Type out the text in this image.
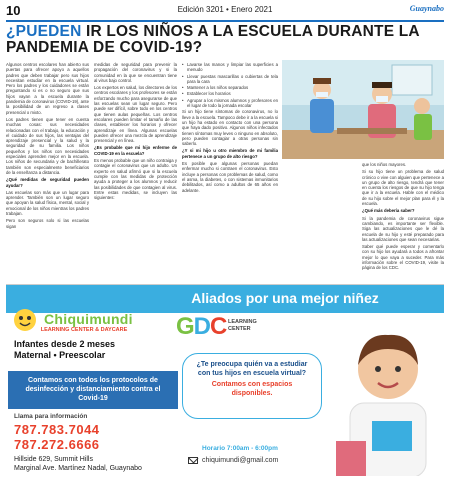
10	Edición 3201 • Enero 2021	Guaynabo
¿PUEDEN IR LOS NIÑOS A LA ESCUELA DURANTE LA PANDEMIA DE COVID-19?

Algunos centros escolares han abierto sus puertas para ofrecer apoyo a aquellos padres que deben trabajar pero sus hijos necesitan estudiar en la escuela virtual. Pero los padres y los cuidadores se están preguntando si es o no seguro que sus hijos vayan a la escuela durante la pandemia de coronavirus (COVID-19), ante la posibilidad de un regreso a clases presencial o mixto.

Los padres tienen que tener en cuenta muchas cosas: sus necesidades relacionadas con el trabajo, la educación y el cuidado de sus hijos, las ventajas del aprendizaje presencial y la salud y la seguridad de su familia. Los niños pequeños y los niños con necesidades especiales aprenden mejor en la escuela. Los niños de secundaria y de bachillerato también son especialmente beneficiarios de la enseñanza a distancia.

¿Qué medidas de seguridad pueden ayudar?

Las escuelas son más que un lugar para aprender. También son un lugar seguro que apoyan la salud física, mental, social y emocional de los niños mientras los padres trabajan.

Pero son seguros solo si las escuelas sigan

medidas de seguridad para prevenir la propagación del coronavirus y si la comunidad en la que se encuentran tiene al virus bajo control.

Los expertos en salud, los directores de los centros escolares y los profesores se están esforzando mucho para asegurarse de que las escuelas sean un lugar seguro. Pero puede ser difícil, sobre todo en los centros que tienen aulas pequeñas. Los centros escolares pueden limitar el tamaño de las clases, establecer los horarios y ofrecer aprendizaje en línea. Algunas escuelas pueden ofrecer una mezcla de aprendizaje presencial y en línea.

¿Es probable que mi hijo enferme de COVID-19 en la escuela?

Es menos probable que un niño contraiga y contagie el coronavirus que un adulto. Un experto en salud afirmó que si la escuela cumple con las medidas de protección ayuda a proteger a los alumnos y reducir las posibilidades de que contagien al virus. Entre estas medidas, se incluyen las siguientes:

• Lavarse las manos y limpiar las superficies a menudo
• Llevar puestas mascarillas o cubiertas de tela para la cara
• Mantener a los niños separados
• Establecer los horarios
• Agrupar a los mismos alumnos y profesores en el lugar de todo la jornada escolar

Si un hijo tiene síntomas de coronavirus, no lo lleve a la escuela. Tampoco debe ir a la escuela si un hijo ha estado en contacto con una persona que haya dado positivo. Algunos niños infectados tienen síntomas muy leves o ninguno en absoluto, pero pueden contagiar a otras personas sin saberlo.

¿Y si mi hijo u otro miembro de mi familia pertenece a un grupo de alto riesgo?

Es posible que algunas personas puedan enfermar mucho si contraen el coronavirus. Esto incluye a personas con problemas de salud, como el asma, la diabetes, o con sistemas inmunitarios debilitados, así como a adultos de 65 años en adelante.

que los niños mayores.

Si su hijo tiene un problema de salud crónico o vive con alguien que pertenece a un grupo de alto riesgo, tendrá que tener en cuenta los riesgos de que su hijo tenga que ir a la escuela. Hable con el médico de su hijo sobre el mejor plan para él y la escuela.

¿Qué más debería saber?

Si la pandemia de coronavirus sigue cambiando, es importante ser flexible. Siga las actualizaciones que le dé la escuela de su hijo y esté preparado para las actualizaciones que sean necesarias.

Saber qué puede esperar y comentarlo con su hijo los ayudará a todos a afrontar mejor lo que vaya a suceder. Para más información sobre el COVID-19, visite la página de los CDC.

Aliados por una mejor niñez
Chiquimundi
LEARNING CENTER & DAYCARE	GDC LEARNING
CENTER
Infantes desde 2 meses
Maternal • Preescolar
Contamos con todos los protocolos de desinfección y distanciamiento contra el Covid-19
Llama para información
787.783.7044
787.272.6666
Hillside 629, Summit Hills
Marginal Ave. Martínez Nadal, Guaynabo
¿Te preocupa quién va a estudiar con tus hijos en escuela virtual?
Contamos con espacios disponibles.
Horario 7:00am - 6:00pm
chiquimundi@gmail.com
